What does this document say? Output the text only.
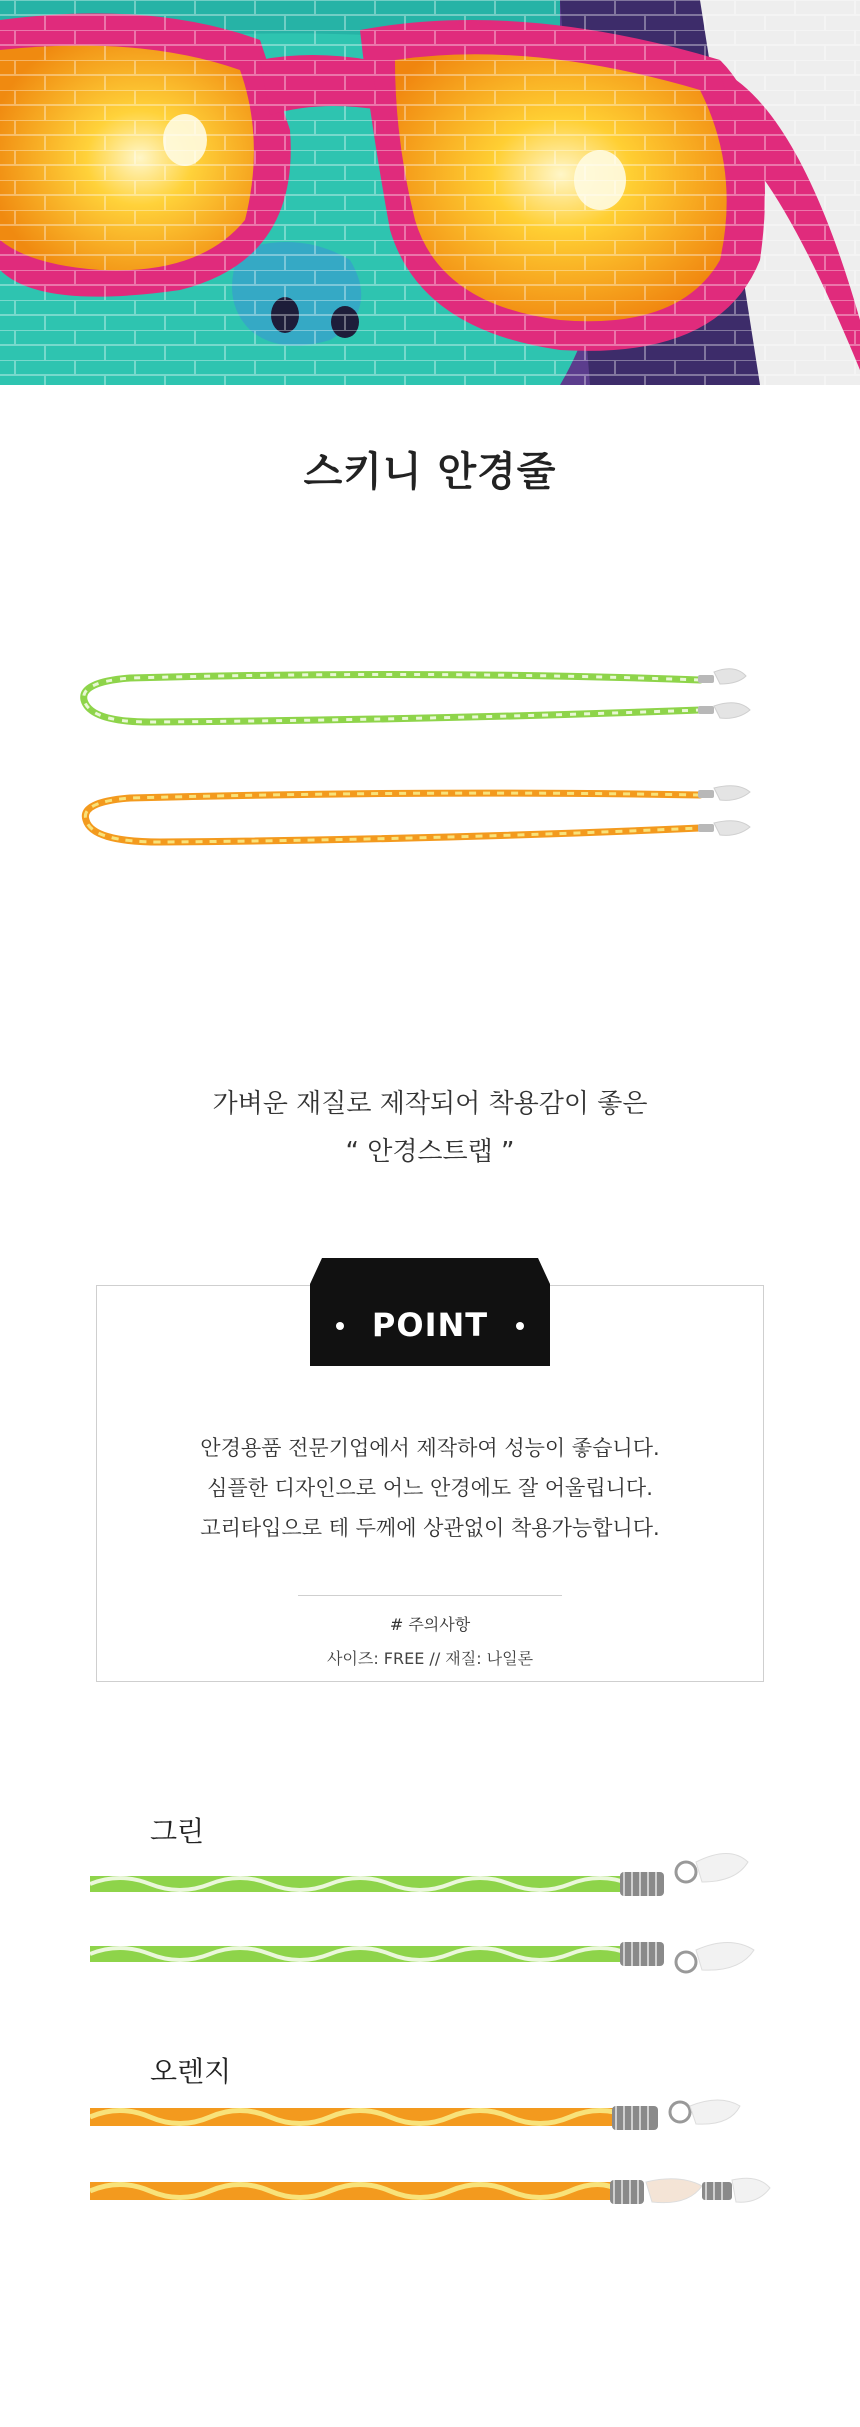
스키니 안경줄
가벼운 재질로 제작되어 착용감이 좋은
“ 안경스트랩 ”
POINT
안경용품 전문기업에서 제작하여 성능이 좋습니다.
심플한 디자인으로 어느 안경에도 잘 어울립니다.
고리타입으로 테 두께에 상관없이 착용가능합니다.
# 주의사항
사이즈: FREE // 재질: 나일론
그린
오렌지
